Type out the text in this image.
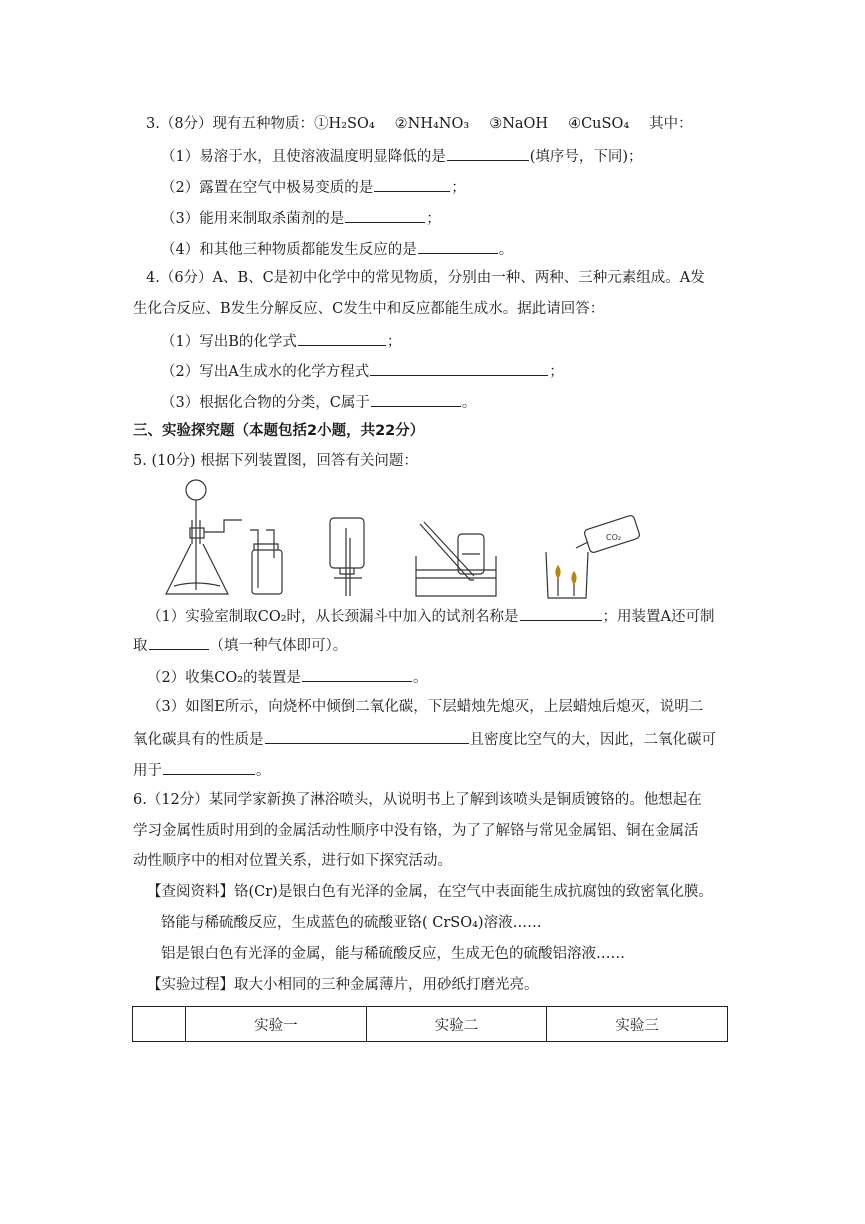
3.（8分）现有五种物质：①H₂SO₄ ②NH₄NO₃ ③NaOH ④CuSO₄ 其中：
（1）易溶于水，且使溶液温度明显降低的是	(填序号，下同)；
（2）露置在空气中极易变质的是	；
（3）能用来制取杀菌剂的是	；
（4）和其他三种物质都能发生反应的是	。
4.（6分）A、B、C是初中化学中的常见物质，分别由一种、两种、三种元素组成。A发
生化合反应、B发生分解反应、C发生中和反应都能生成水。据此请回答：
（1）写出B的化学式	；
（2）写出A生成水的化学方程式	；
（3）根据化合物的分类，C属于	。
三、实验探究题（本题包括2小题，共22分）
5. (10分) 根据下列装置图，回答有关问题：
CO₂
（1）实验室制取CO₂时，从长颈漏斗中加入的试剂名称是	；用装置A还可制
取	（填一种气体即可）。
（2）收集CO₂的装置是	。
（3）如图E所示，向烧杯中倾倒二氧化碳，下层蜡烛先熄灭，上层蜡烛后熄灭，说明二
氧化碳具有的性质是	且密度比空气的大，因此，二氧化碳可
用于	。
6.（12分）某同学家新换了淋浴喷头，从说明书上了解到该喷头是铜质镀铬的。他想起在
学习金属性质时用到的金属活动性顺序中没有铬，为了了解铬与常见金属铝、铜在金属活
动性顺序中的相对位置关系，进行如下探究活动。
【查阅资料】铬(Cr)是银白色有光泽的金属，在空气中表面能生成抗腐蚀的致密氧化膜。
铬能与稀硫酸反应，生成蓝色的硫酸亚铬( CrSO₄)溶液……
铝是银白色有光泽的金属，能与稀硫酸反应，生成无色的硫酸铝溶液……
【实验过程】取大小相同的三种金属薄片，用砂纸打磨光亮。
	实验一	实验二	实验三
